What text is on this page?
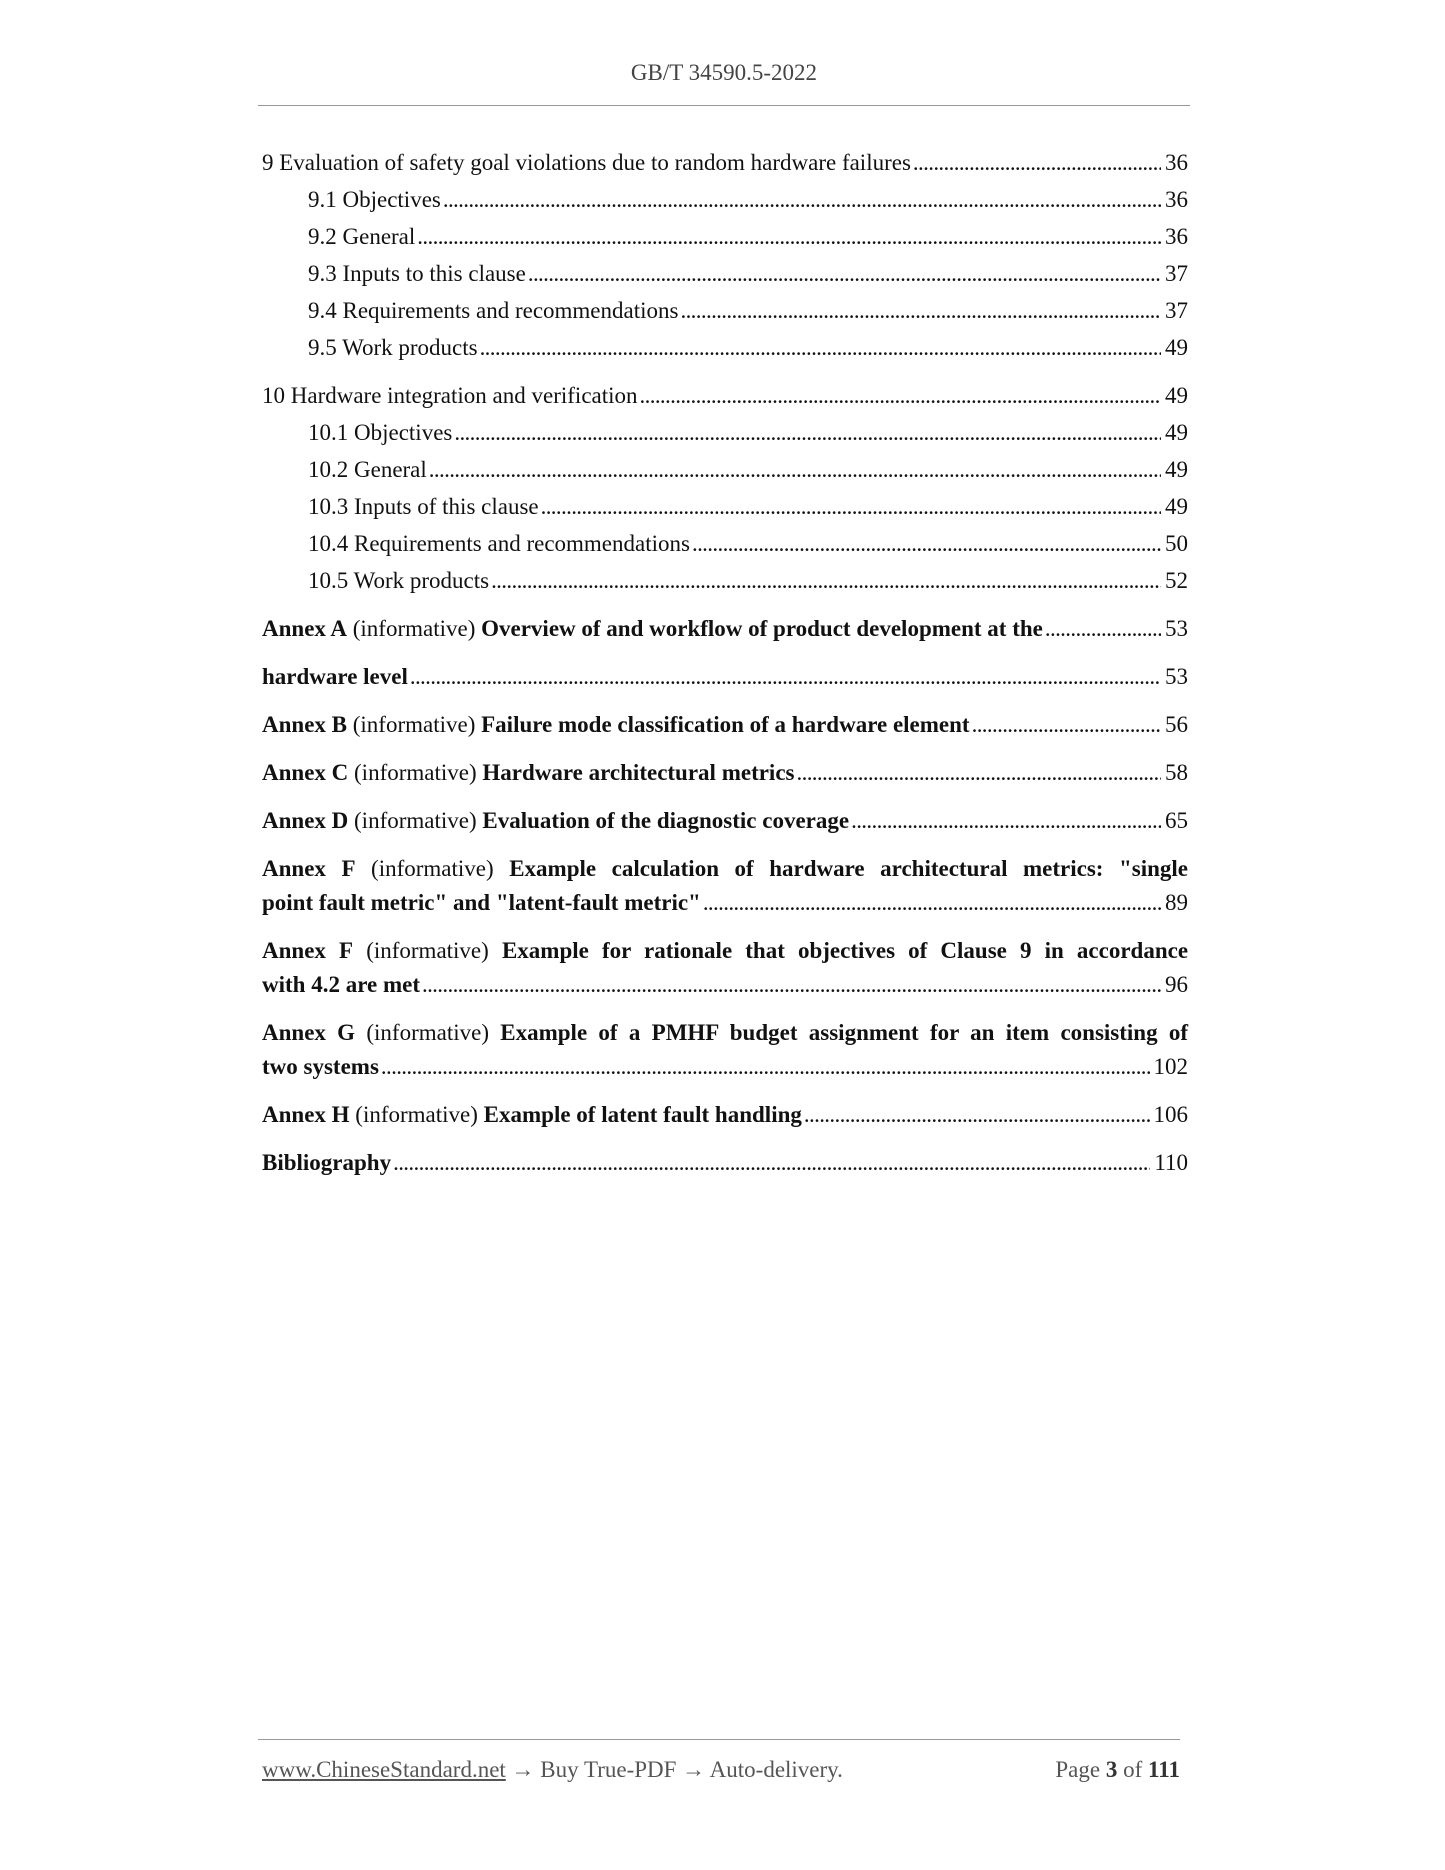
GB/T 34590.5-2022
9 Evaluation of safety goal violations due to random hardware failures . . .	36
9.1 Objectives . . .	36
9.2 General . . .	36
9.3 Inputs to this clause . . .	37
9.4 Requirements and recommendations . . .	37
9.5 Work products . . .	49
10 Hardware integration and verification . . .	49
10.1 Objectives . . .	49
10.2 General . . .	49
10.3 Inputs of this clause . . .	49
10.4 Requirements and recommendations . . .	50
10.5 Work products . . .	52
Annex A (informative) Overview of and workflow of product development at the . . .	53
hardware level . . .	53
Annex B (informative) Failure mode classification of a hardware element . . .	56
Annex C (informative) Hardware architectural metrics . . .	58
Annex D (informative) Evaluation of the diagnostic coverage . . .	65
Annex F (informative) Example calculation of hardware architectural metrics: "single
point fault metric" and "latent-fault metric" . . .	89
Annex F (informative) Example for rationale that objectives of Clause 9 in accordance
with 4.2 are met . . .	96
Annex G (informative) Example of a PMHF budget assignment for an item consisting of
two systems . . .	102
Annex H (informative) Example of latent fault handling . . .	106
Bibliography . . .	110
www.ChineseStandard.net → Buy True-PDF → Auto-delivery.	Page 3 of 111
